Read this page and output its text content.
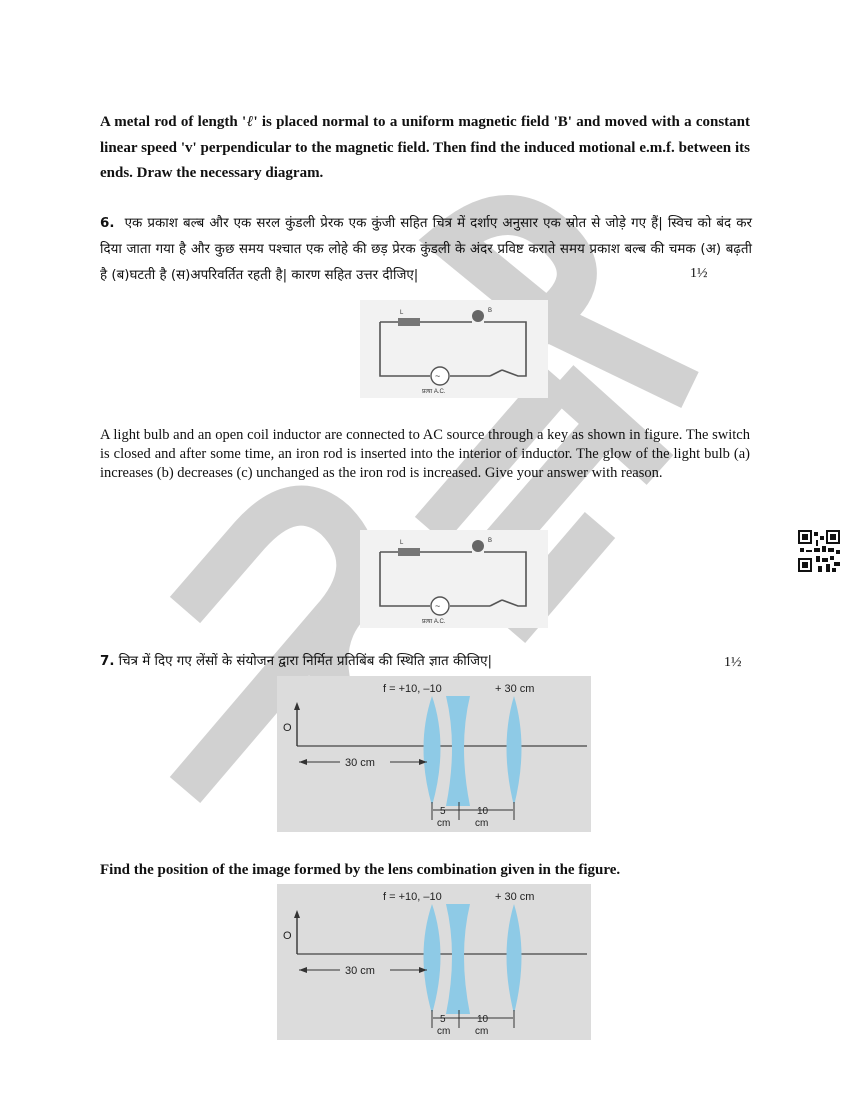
A metal rod of length 'ℓ' is placed normal to a uniform magnetic field 'B' and moved with a constant linear speed 'v' perpendicular to the magnetic field. Then find the induced motional e.m.f. between its ends. Draw the necessary diagram.
6. एक प्रकाश बल्ब और एक सरल कुंडली प्रेरक एक कुंजी सहित चित्र में दर्शाए अनुसार एक स्रोत से जोड़े गए हैं| स्विच को बंद कर दिया जाता गया है और कुछ समय पश्चात एक लोहे की छड़ प्रेरक कुंडली के अंदर प्रविष्ट कराते समय प्रकाश बल्ब की चमक (अ) बढ़ती है (ब)घटती है (स)अपरिवर्तित रहती है| कारण सहित उत्तर दीजिए|	1½
L	B
~
प्रत्या A.C.
A light bulb and an open coil inductor are connected to AC source through a key as shown in figure. The switch is closed and after some time, an iron rod is inserted into the interior of inductor. The glow of the light bulb (a) increases (b) decreases (c) unchanged as the iron rod is increased. Give your answer with reason.
L	B
~
प्रत्या A.C.
7. चित्र में दिए गए लेंसों के संयोजन द्वारा निर्मित प्रतिबिंब की स्थिति ज्ञात कीजिए|	1½
f = +10, –10	+ 30 cm
O
30 cm
5	10
cm cm
Find the position of the image formed by the lens combination given in the figure.
f = +10, –10	+ 30 cm
O
30 cm
5	10
cm cm
